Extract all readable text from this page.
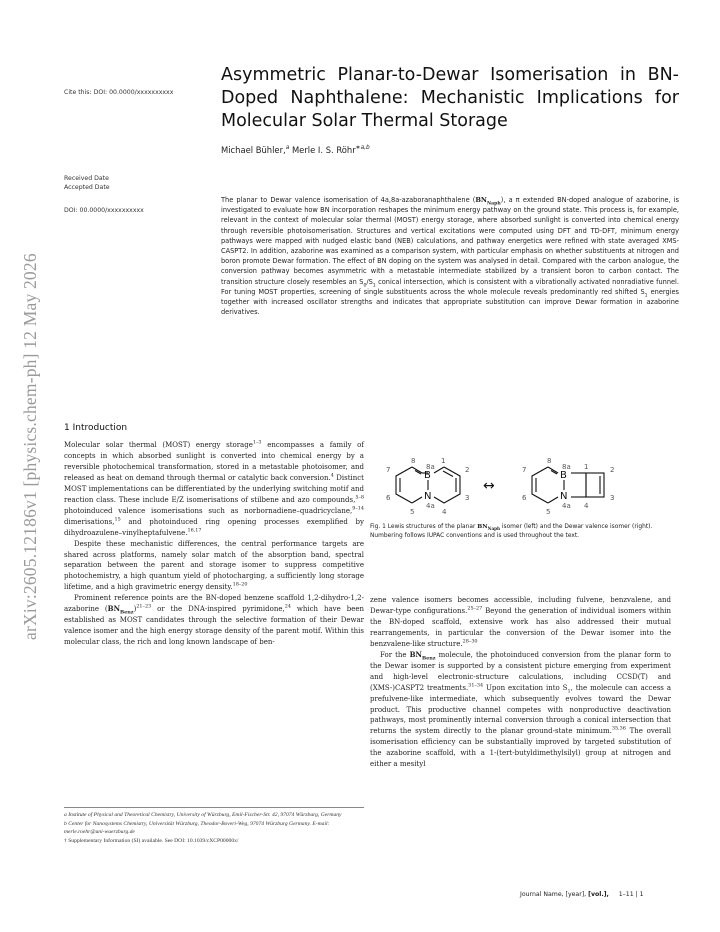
arXiv:2605.12186v1 [physics.chem-ph] 12 May 2026
Cite this: DOI: 00.0000/xxxxxxxxxx
Received Date
Accepted Date
DOI: 00.0000/xxxxxxxxxx
Asymmetric Planar-to-Dewar Isomerisation in BN-Doped Naphthalene: Mechanistic Implications for Molecular Solar Thermal Storage
Michael Bühler,$^a$ Merle I. S. Röhr$^{∗a,b}$
The planar to Dewar valence isomerisation of 4a,8a-azaboranaphthalene $(BN_{Naph})$, a π extended BN-doped analogue of azaborine, is investigated to evaluate how BN incorporation reshapes the minimum energy pathway on the ground state. This process is, for example, relevant in the context of molecular solar thermal (MOST) energy storage, where absorbed sunlight is converted into chemical energy through reversible photoisomerisation. Structures and vertical excitations were computed using DFT and TD-DFT, minimum energy pathways were mapped with nudged elastic band (NEB) calculations, and pathway energetics were refined with state averaged XMS-CASPT2. In addition, azaborine was examined as a comparison system, with particular emphasis on whether substituents at nitrogen and boron promote Dewar formation. The effect of BN doping on the system was analysed in detail. Compared with the carbon analogue, the conversion pathway becomes asymmetric with a metastable intermediate stabilized by a transient boron to carbon contact. The transition structure closely resembles an $S_0/S_1$ conical intersection, which is consistent with a vibrationally activated nonradiative funnel. For tuning MOST properties, screening of single substituents across the whole molecule reveals predominantly red shifted $S_1$ energies together with increased oscillator strengths and indicates that appropriate substitution can improve Dewar formation in azaborine derivatives.
1 Introduction

Molecular solar thermal (MOST) energy storage$^{1-3}$ encompasses a family of concepts in which absorbed sunlight is converted into chemical energy by a reversible photochemical transformation, stored in a metastable photoisomer, and released as heat on demand through thermal or catalytic back conversion.$^4$ Distinct MOST implementations can be differentiated by the underlying switching motif and reaction class. These include E/Z isomerisations of stilbene and azo compounds,$^{5-8}$ photoinduced valence isomerisations such as norbornadiene–quadricyclane,$^{9-14}$ dimerisations,$^{15}$ and photoinduced ring opening processes exemplified by dihydroazulene–vinylheptafulvene.$^{16,17}$

Despite these mechanistic differences, the central performance targets are shared across platforms, namely solar match of the absorption band, spectral separation between the parent and storage isomer to suppress competitive photochemistry, a high quantum yield of photocharging, a sufficiently long storage lifetime, and a high gravimetric energy density.$^{18-20}$

Prominent reference points are the BN-doped benzene scaffold 1,2-dihydro-1,2-azaborine $(BN_{Benz})^{21-23}$ or the DNA-inspired pyrimidone,$^{24}$ which have been established as MOST candidates through the selective formation of their Dewar valence isomer and the high energy storage density of the parent motif. Within this molecular class, the rich and long known landscape of ben-

a Institute of Physical and Theoretical Chemistry, University of Würzburg, Emil-Fischer-Str. 42, 97074 Würzburg, Germany
b Center for Nanosystems Chemistry, Universität Würzburg, Theodor-Boveri-Weg, 97074 Würzburg Germany. E-mail: merle.roehr@uni-wuerzburg.de
† Supplementary Information (SI) available. See DOI: 10.1039/cXCP00000x/
8
7	8a
1
2
6	3
5
4a
4
8
7	8a 1	2
6	3
5
4a 4
B
N
B
N
↔
Fig. 1 Lewis structures of the planar $BN_{Naph}$ isomer (left) and the Dewar valence isomer (right). Numbering follows IUPAC conventions and is used throughout the text.

zene valence isomers becomes accessible, including fulvene, benzvalene, and Dewar-type configurations.$^{25-27}$ Beyond the generation of individual isomers within the BN-doped scaffold, extensive work has also addressed their mutual rearrangements, in particular the conversion of the Dewar isomer into the benzvalene-like structure.$^{28-30}$

For the $BN_{Benz}$ molecule, the photoinduced conversion from the planar form to the Dewar isomer is supported by a consistent picture emerging from experiment and high-level electronic-structure calculations, including CCSD(T) and (XMS-)CASPT2 treatments.$^{31-34}$ Upon excitation into $S_1$, the molecule can access a prefulvene-like intermediate, which subsequently evolves toward the Dewar product. This productive channel competes with nonproductive deactivation pathways, most prominently internal conversion through a conical intersection that returns the system directly to the planar ground-state minimum.$^{35,36}$ The overall isomerisation efficiency can be substantially improved by targeted substitution of the azaborine scaffold, with a 1-(tert-butyldimethylsilyl) group at nitrogen and either a mesityl

Journal Name, [year], [vol.], 1–11 | 1
